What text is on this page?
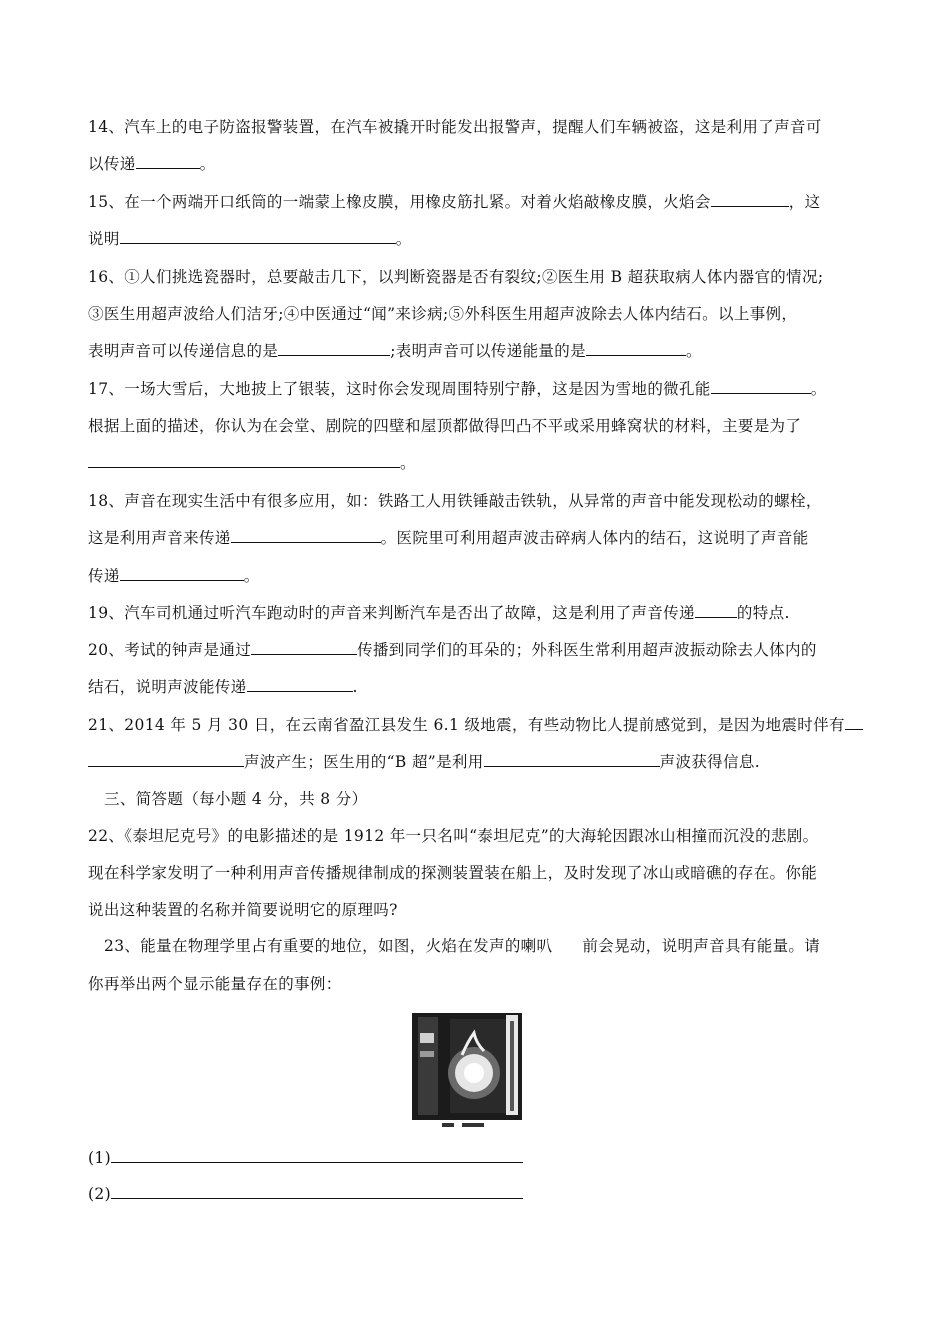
14、汽车上的电子防盗报警装置，在汽车被撬开时能发出报警声，提醒人们车辆被盗，这是利用了声音可
以传递	。
15、在一个两端开口纸筒的一端蒙上橡皮膜，用橡皮筋扎紧。对着火焰敲橡皮膜，火焰会	，这
说明	。
16、①人们挑选瓷器时，总要敲击几下，以判断瓷器是否有裂纹;②医生用 B 超获取病人体内器官的情况;
③医生用超声波给人们洁牙;④中医通过“闻”来诊病;⑤外科医生用超声波除去人体内结石。以上事例，
表明声音可以传递信息的是	;表明声音可以传递能量的是	。
17、一场大雪后，大地披上了银装，这时你会发现周围特别宁静，这是因为雪地的微孔能	。
根据上面的描述，你认为在会堂、剧院的四壁和屋顶都做得凹凸不平或采用蜂窝状的材料，主要是为了
。
18、声音在现实生活中有很多应用，如：铁路工人用铁锤敲击铁轨，从异常的声音中能发现松动的螺栓，
这是利用声音来传递	。医院里可利用超声波击碎病人体内的结石，这说明了声音能
传递	。
19、汽车司机通过听汽车跑动时的声音来判断汽车是否出了故障，这是利用了声音传递	的特点.
20、考试的钟声是通过	传播到同学们的耳朵的；外科医生常利用超声波振动除去人体内的
结石，说明声波能传递	.
21、2014 年 5 月 30 日，在云南省盈江县发生 6.1 级地震，有些动物比人提前感觉到，是因为地震时伴有
声波产生；医生用的“B 超”是利用	声波获得信息.
三、简答题（每小题 4 分，共 8 分）
22、《泰坦尼克号》的电影描述的是 1912 年一只名叫“泰坦尼克”的大海轮因跟冰山相撞而沉没的悲剧。
现在科学家发明了一种利用声音传播规律制成的探测装置装在船上，及时发现了冰山或暗礁的存在。你能
说出这种装置的名称并简要说明它的原理吗?
23、能量在物理学里占有重要的地位，如图，火焰在发声的喇叭 前会晃动，说明声音具有能量。请
你再举出两个显示能量存在的事例：
(1)
(2)
